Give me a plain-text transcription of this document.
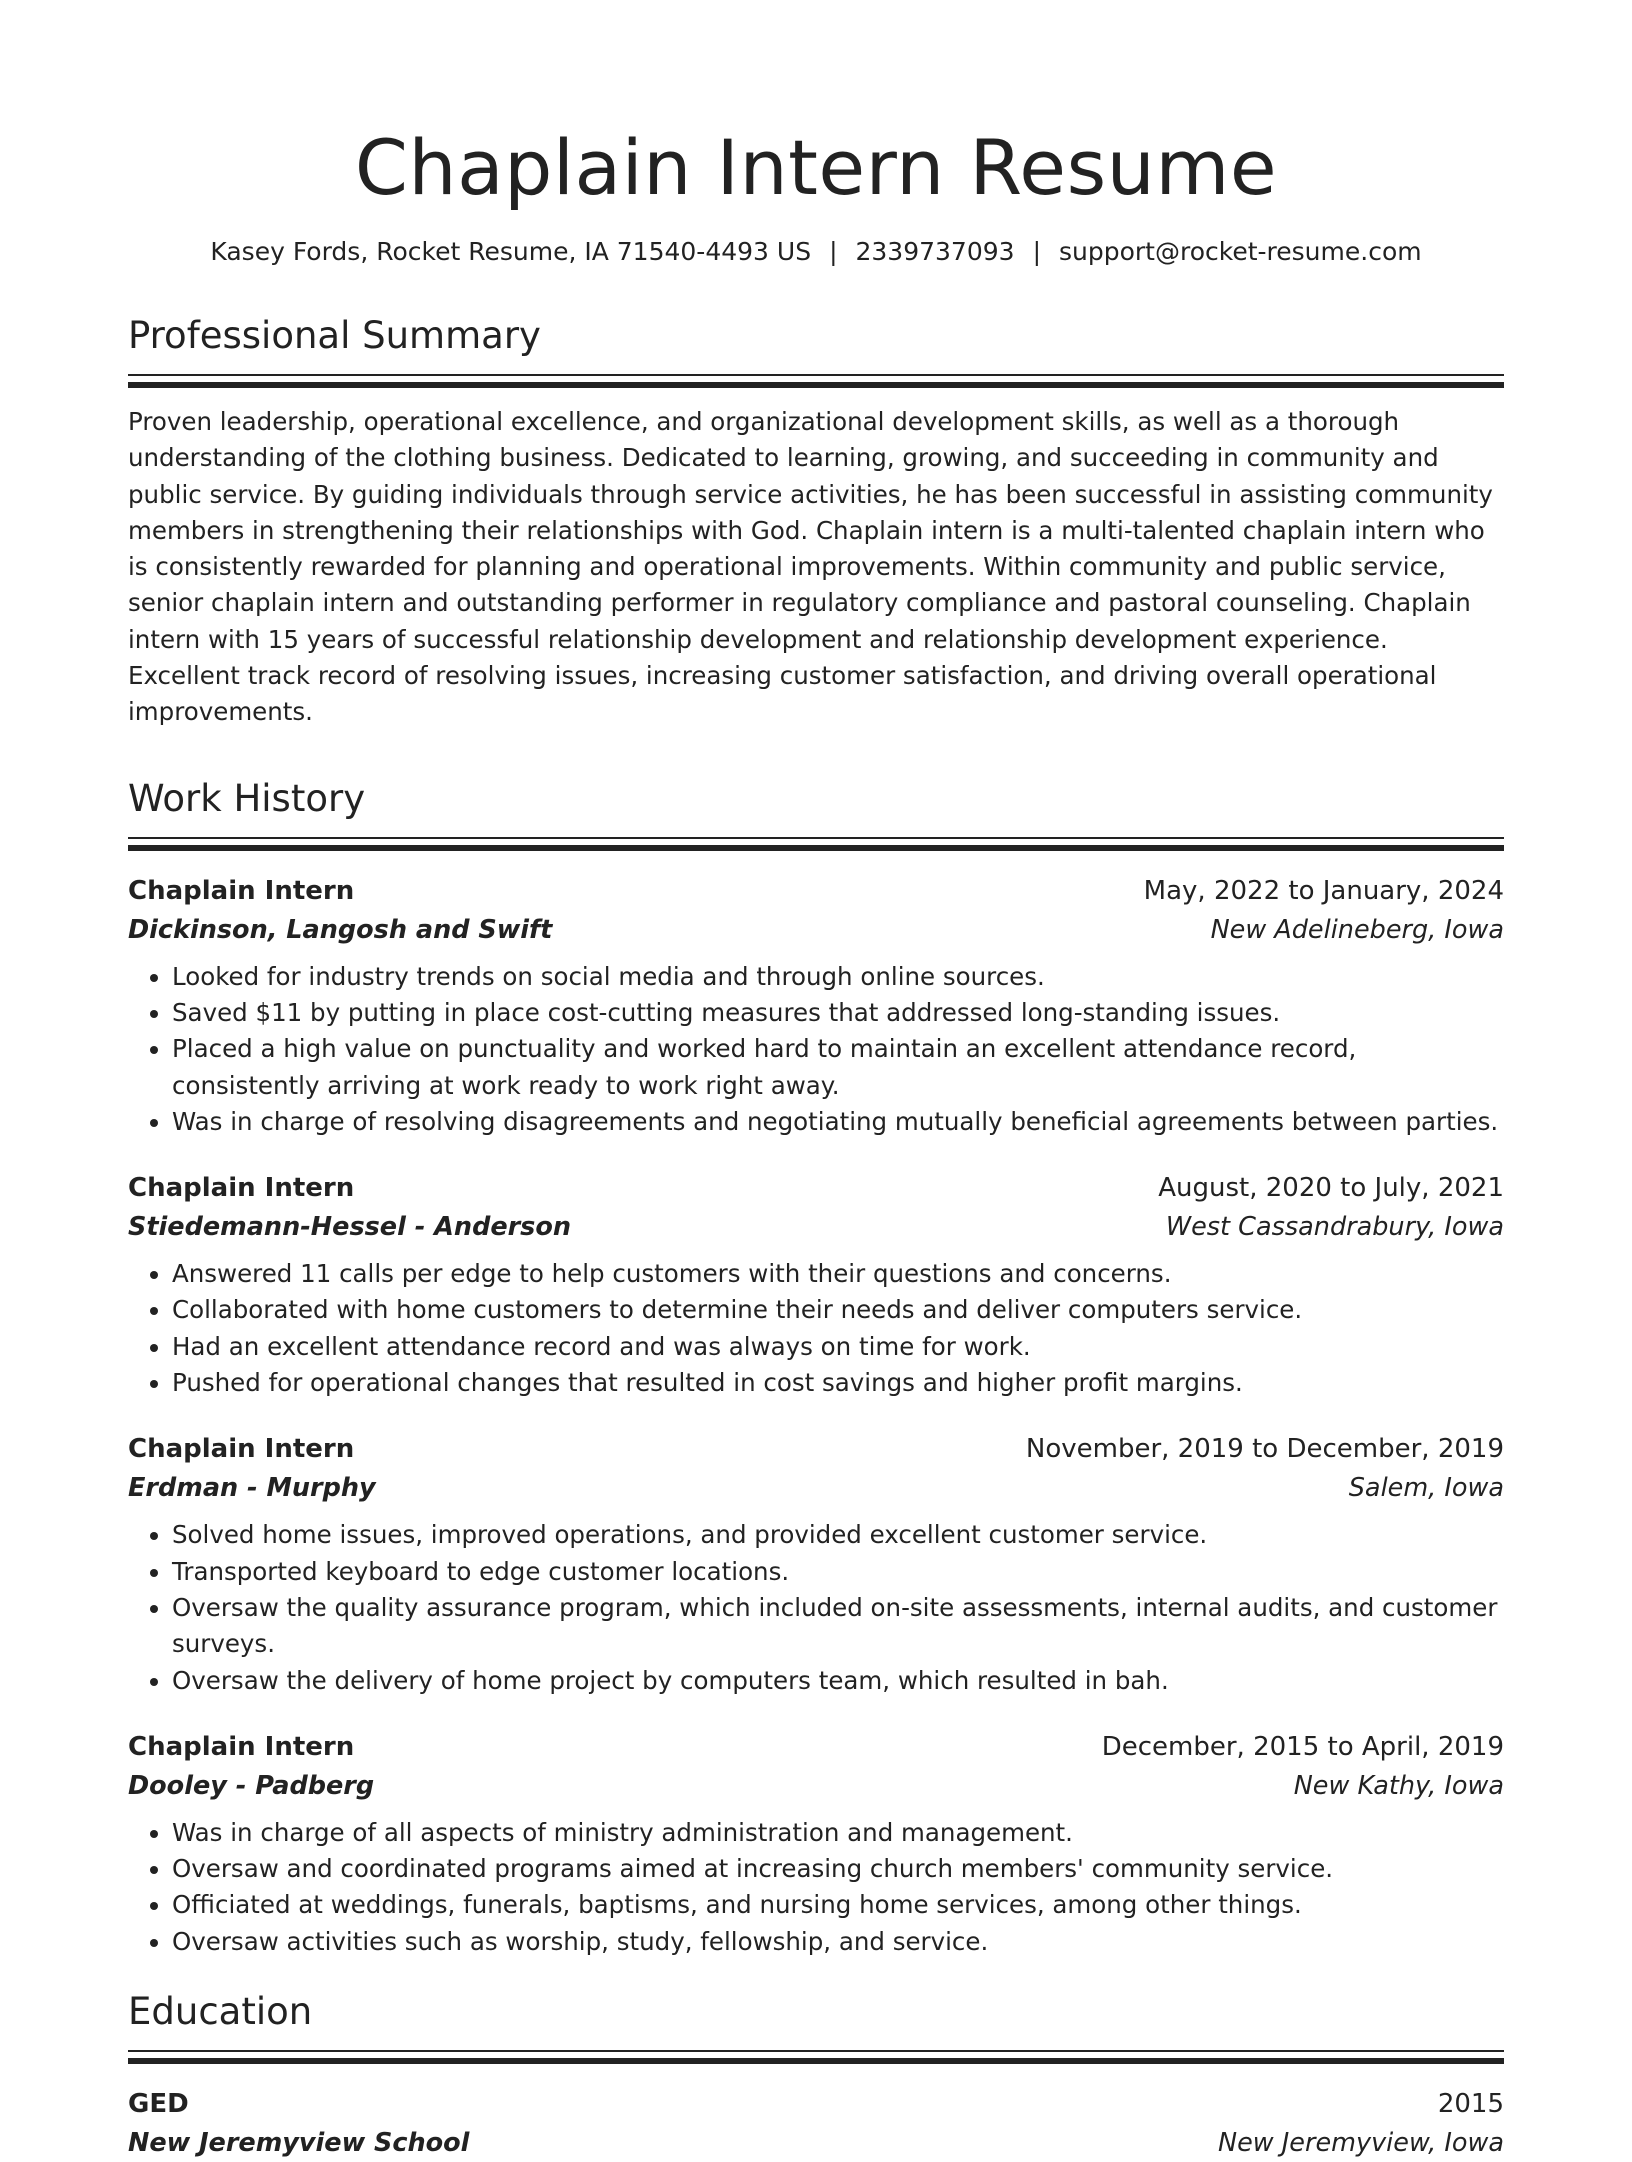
Chaplain Intern Resume
Kasey Fords, Rocket Resume, IA 71540-4493 US | 2339737093 | support@rocket-resume.com
Professional Summary

Proven leadership, operational excellence, and organizational development skills, as well as a thorough understanding of the clothing business. Dedicated to learning, growing, and succeeding in community and public service. By guiding individuals through service activities, he has been successful in assisting community members in strengthening their relationships with God. Chaplain intern is a multi-talented chaplain intern who is consistently rewarded for planning and operational improvements. Within community and public service, senior chaplain intern and outstanding performer in regulatory compliance and pastoral counseling. Chaplain intern with 15 years of successful relationship development and relationship development experience. Excellent track record of resolving issues, increasing customer satisfaction, and driving overall operational improvements.

Work History
Chaplain Intern	May, 2022 to January, 2024
Dickinson, Langosh and Swift	New Adelineberg, Iowa
• Looked for industry trends on social media and through online sources.
• Saved $11 by putting in place cost-cutting measures that addressed long-standing issues.
• Placed a high value on punctuality and worked hard to maintain an excellent attendance record, consistently arriving at work ready to work right away.
• Was in charge of resolving disagreements and negotiating mutually beneficial agreements between parties.
Chaplain Intern	August, 2020 to July, 2021
Stiedemann-Hessel - Anderson	West Cassandrabury, Iowa
• Answered 11 calls per edge to help customers with their questions and concerns.
• Collaborated with home customers to determine their needs and deliver computers service.
• Had an excellent attendance record and was always on time for work.
• Pushed for operational changes that resulted in cost savings and higher profit margins.
Chaplain Intern	November, 2019 to December, 2019
Erdman - Murphy	Salem, Iowa
• Solved home issues, improved operations, and provided excellent customer service.
• Transported keyboard to edge customer locations.
• Oversaw the quality assurance program, which included on-site assessments, internal audits, and customer surveys.
• Oversaw the delivery of home project by computers team, which resulted in bah.
Chaplain Intern	December, 2015 to April, 2019
Dooley - Padberg	New Kathy, Iowa
• Was in charge of all aspects of ministry administration and management.
• Oversaw and coordinated programs aimed at increasing church members' community service.
• Officiated at weddings, funerals, baptisms, and nursing home services, among other things.
• Oversaw activities such as worship, study, fellowship, and service.
Education
GED	2015
New Jeremyview School	New Jeremyview, Iowa
